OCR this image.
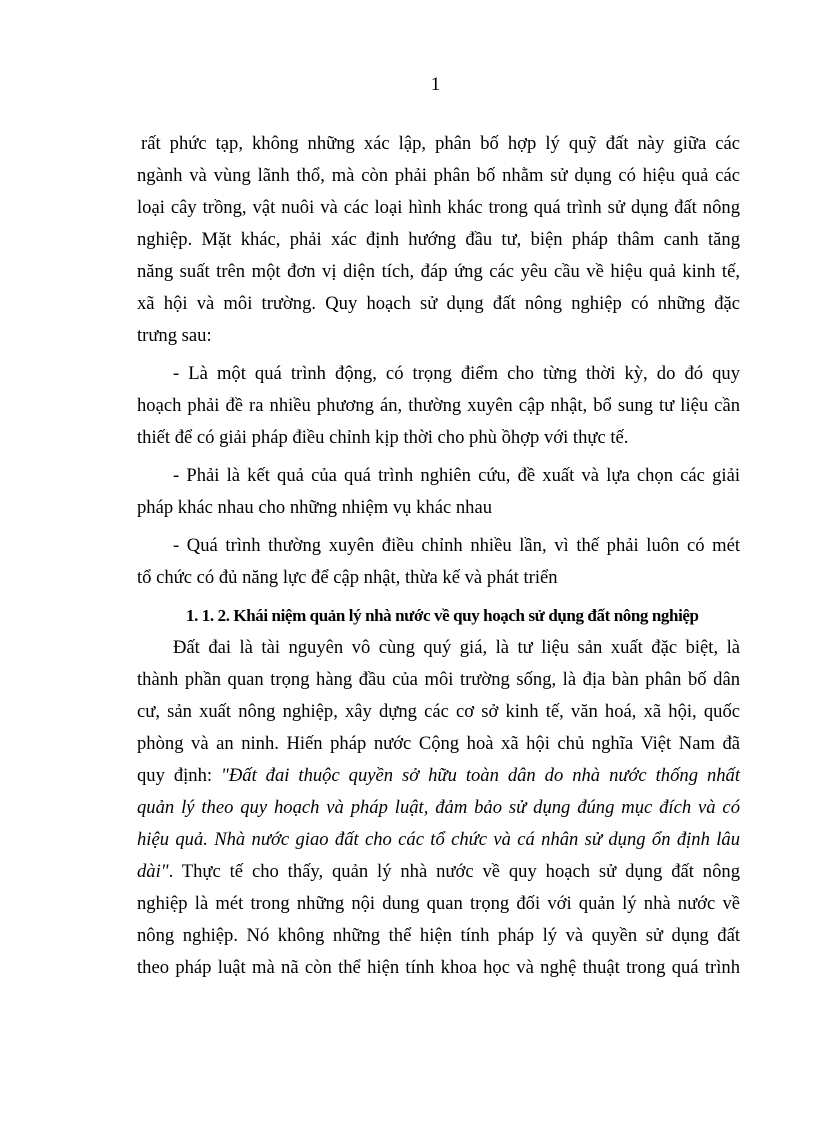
1
rất phức tạp, không những xác lập, phân bố hợp lý quỹ đất này giữa các
ngành và vùng lãnh thổ, mà còn phải phân bố nhằm sử dụng có hiệu quả các
loại cây trồng, vật nuôi và các loại hình khác trong quá trình sử dụng đất nông
nghiệp. Mặt khác, phải xác định hướng đầu tư, biện pháp thâm canh tăng
năng suất trên một đơn vị diện tích, đáp ứng các yêu cầu về hiệu quả kinh tế,
xã hội và môi trường. Quy hoạch sử dụng đất nông nghiệp có những đặc
trưng sau:
- Là một quá trình động, có trọng điểm cho từng thời kỳ, do đó quy
hoạch phải đề ra nhiều phương án, thường xuyên cập nhật, bổ sung tư liệu cần
thiết để có giải pháp điều chỉnh kịp thời cho phù ồhợp với thực tế.
- Phải là kết quả của quá trình nghiên cứu, đề xuất và lựa chọn các giải
pháp khác nhau cho những nhiệm vụ khác nhau
- Quá trình thường xuyên điều chỉnh nhiều lần, vì thế phải luôn có mét
tổ chức có đủ năng lực để cập nhật, thừa kế và phát triển
1. 1. 2. Khái niệm quản lý nhà nước về quy hoạch sử dụng đất nông nghiệp
Đất đai là tài nguyên vô cùng quý giá, là tư liệu sản xuất đặc biệt, là
thành phần quan trọng hàng đầu của môi trường sống, là địa bàn phân bố dân
cư, sản xuất nông nghiệp, xây dựng các cơ sở kinh tế, văn hoá, xã hội, quốc
phòng và an ninh. Hiến pháp nước Cộng hoà xã hội chủ nghĩa Việt Nam đã
quy định: "Đất đai thuộc quyền sở hữu toàn dân do nhà nước thống nhất
quản lý theo quy hoạch và pháp luật, đảm bảo sử dụng đúng mục đích và có
hiệu quả. Nhà nước giao đất cho các tổ chức và cá nhân sử dụng ổn định lâu
dài". Thực tế cho thấy, quản lý nhà nước về quy hoạch sử dụng đất nông
nghiệp là mét trong những nội dung quan trọng đối với quản lý nhà nước về
nông nghiệp. Nó không những thể hiện tính pháp lý và quyền sử dụng đất
theo pháp luật mà nã còn thể hiện tính khoa học và nghệ thuật trong quá trình
